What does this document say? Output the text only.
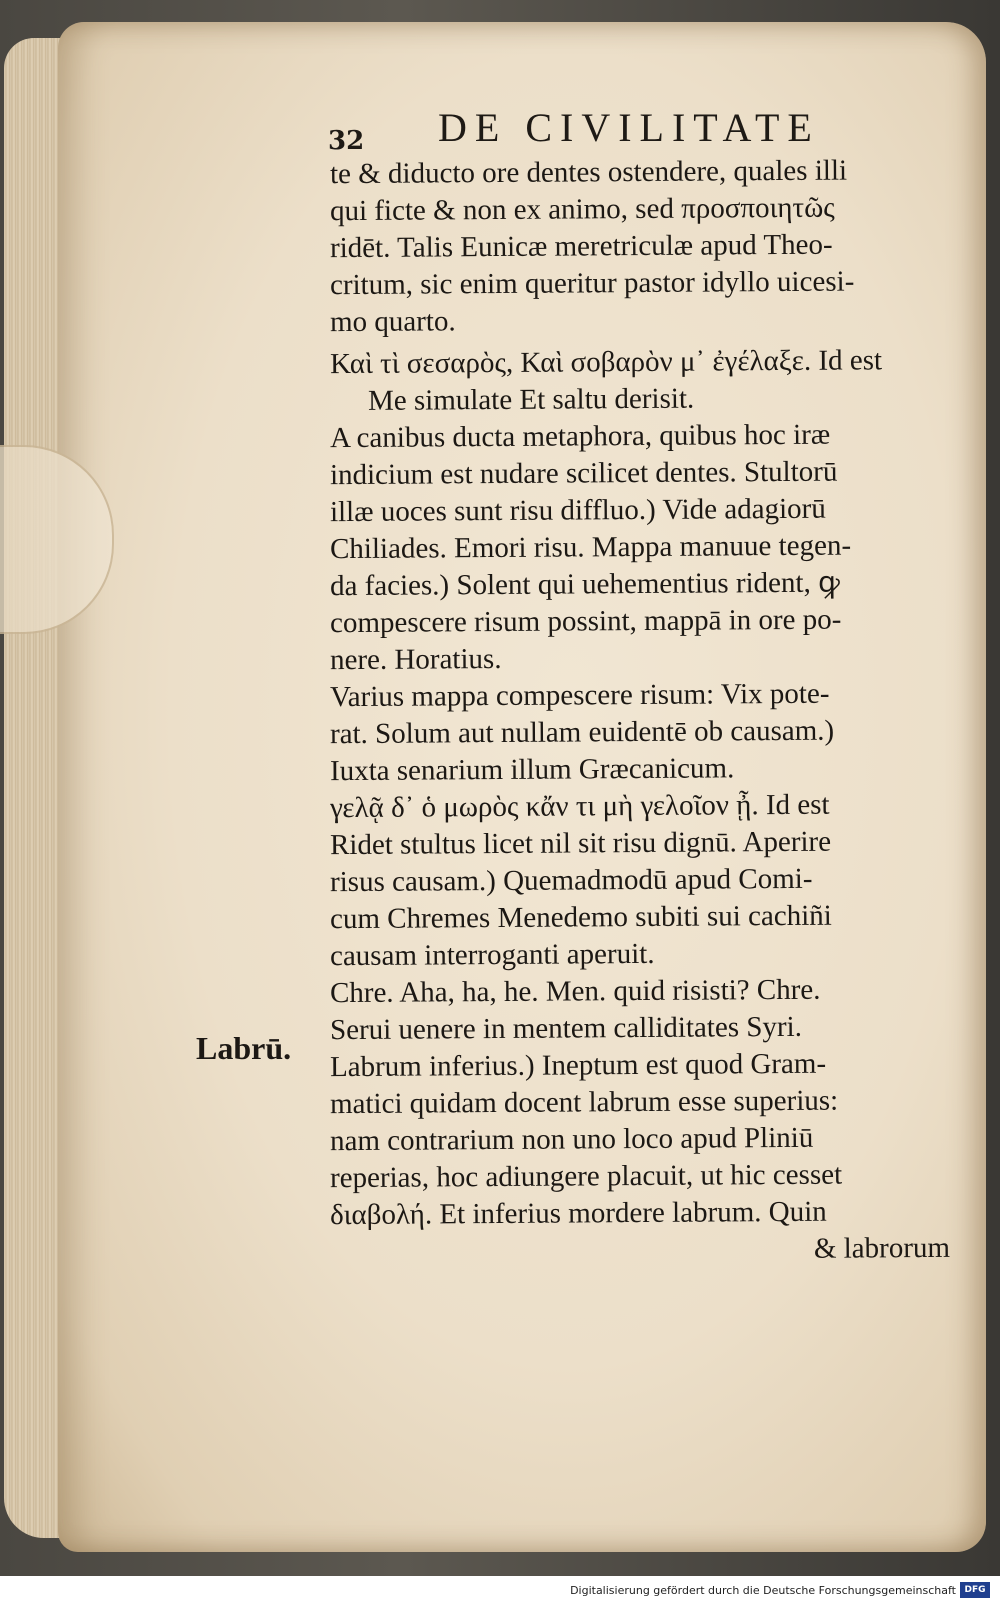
32 DE CIVILITATE
Labrū.
te & diducto ore dentes ostendere, quales illi
qui ficte & non ex animo, sed προσποιητῶς
ridēt. Talis Eunicæ meretriculæ apud Theo-
critum, sic enim queritur pastor idyllo uicesi-
mo quarto.
Καὶ τὶ σεσαρὸς, Καὶ σοβαρὸν μ᾽ ἐγέλαξε. Id est
Me simulate Et saltu derisit.
A canibus ducta metaphora, quibus hoc iræ
indicium est nudare scilicet dentes. Stultorū
illæ uoces sunt risu diffluo.) Vide adagiorū
Chiliades. Emori risu. Mappa manuue tegen-
da facies.) Solent qui uehementius rident, ꝙ
compescere risum possint, mappā in ore po-
nere. Horatius.
Varius mappa compescere risum: Vix pote-
rat. Solum aut nullam euidentē ob causam.)
Iuxta senarium illum Græcanicum.
γελᾷ δ᾽ ὁ μωρὸς κἄν τι μὴ γελοῖον ᾖ. Id est
Ridet stultus licet nil sit risu dignū. Aperire
risus causam.) Quemadmodū apud Comi-
cum Chremes Menedemo subiti sui cachiñi
causam interroganti aperuit.
Chre. Aha, ha, he. Men. quid risisti? Chre.
Serui uenere in mentem calliditates Syri.
Labrum inferius.) Ineptum est quod Gram-
matici quidam docent labrum esse superius:
nam contrarium non uno loco apud Pliniū
reperias, hoc adiungere placuit, ut hic cesset
διαβολή. Et inferius mordere labrum. Quin
& labrorum
Digitalisierung gefördert durch die Deutsche Forschungsgemeinschaft DFG
